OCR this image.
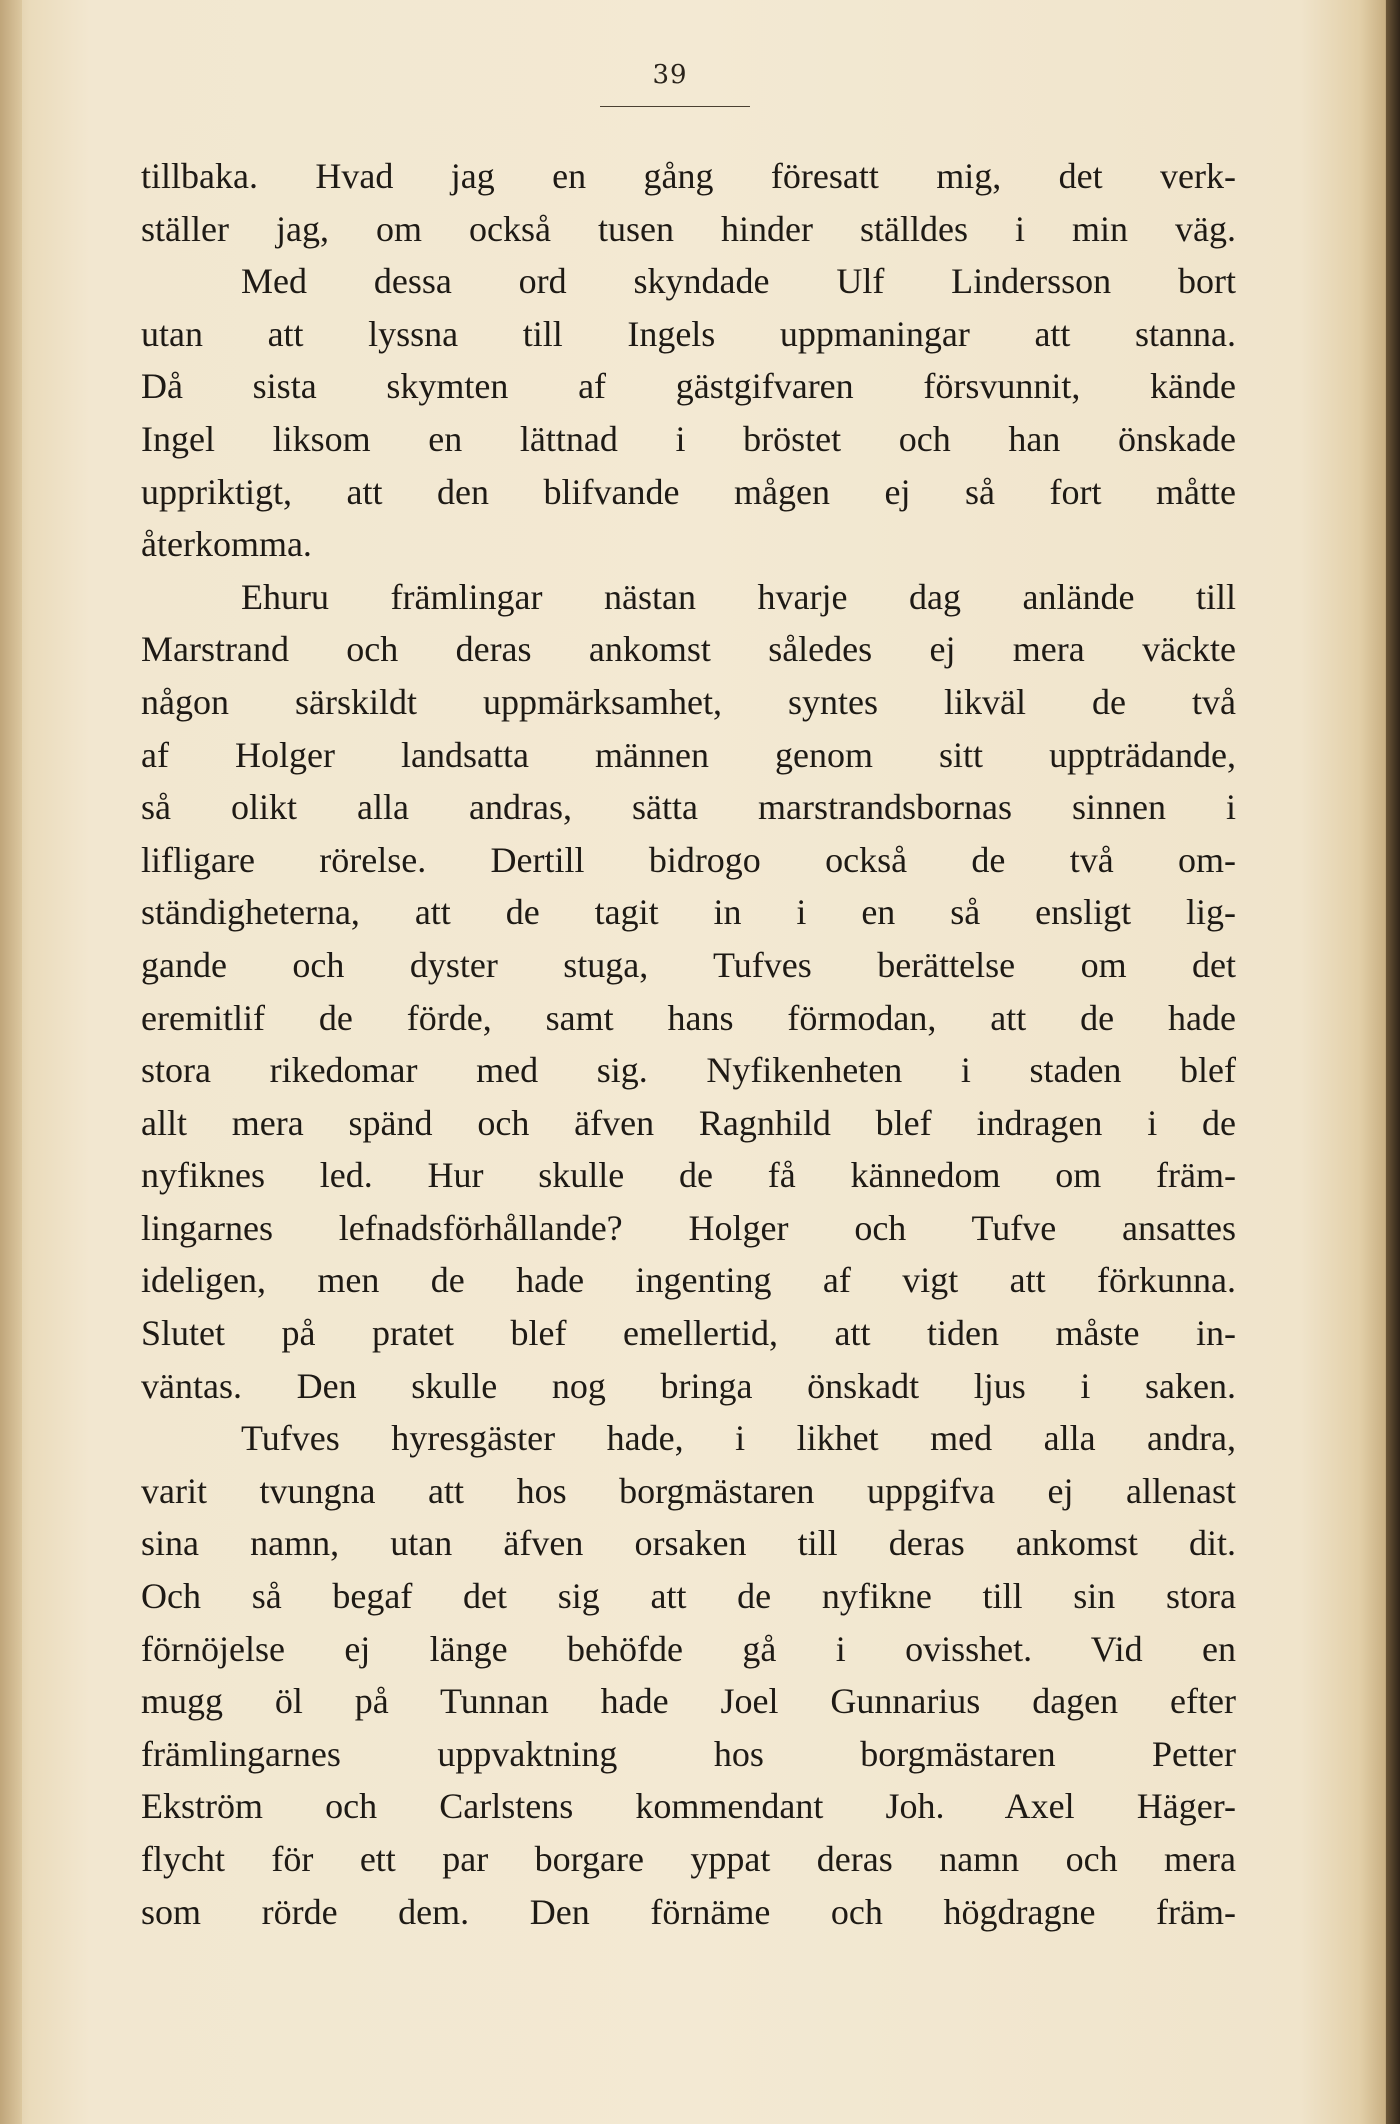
39
tillbaka. Hvad jag en gång föresatt mig, det verk-
ställer jag, om också tusen hinder ställdes i min väg.
Med dessa ord skyndade Ulf Lindersson bort
utan att lyssna till Ingels uppmaningar att stanna.
Då sista skymten af gästgifvaren försvunnit, kände
Ingel liksom en lättnad i bröstet och han önskade
uppriktigt, att den blifvande mågen ej så fort måtte
återkomma.
Ehuru främlingar nästan hvarje dag anlände till
Marstrand och deras ankomst således ej mera väckte
någon särskildt uppmärksamhet, syntes likväl de två
af Holger landsatta männen genom sitt uppträdande,
så olikt alla andras, sätta marstrandsbornas sinnen i
lifligare rörelse. Dertill bidrogo också de två om-
ständigheterna, att de tagit in i en så ensligt lig-
gande och dyster stuga, Tufves berättelse om det
eremitlif de förde, samt hans förmodan, att de hade
stora rikedomar med sig. Nyfikenheten i staden blef
allt mera spänd och äfven Ragnhild blef indragen i de
nyfiknes led. Hur skulle de få kännedom om främ-
lingarnes lefnadsförhållande? Holger och Tufve ansattes
ideligen, men de hade ingenting af vigt att förkunna.
Slutet på pratet blef emellertid, att tiden måste in-
väntas. Den skulle nog bringa önskadt ljus i saken.
Tufves hyresgäster hade, i likhet med alla andra,
varit tvungna att hos borgmästaren uppgifva ej allenast
sina namn, utan äfven orsaken till deras ankomst dit.
Och så begaf det sig att de nyfikne till sin stora
förnöjelse ej länge behöfde gå i ovisshet. Vid en
mugg öl på Tunnan hade Joel Gunnarius dagen efter
främlingarnes uppvaktning hos borgmästaren Petter
Ekström och Carlstens kommendant Joh. Axel Häger-
flycht för ett par borgare yppat deras namn och mera
som rörde dem. Den förnäme och högdragne främ-
